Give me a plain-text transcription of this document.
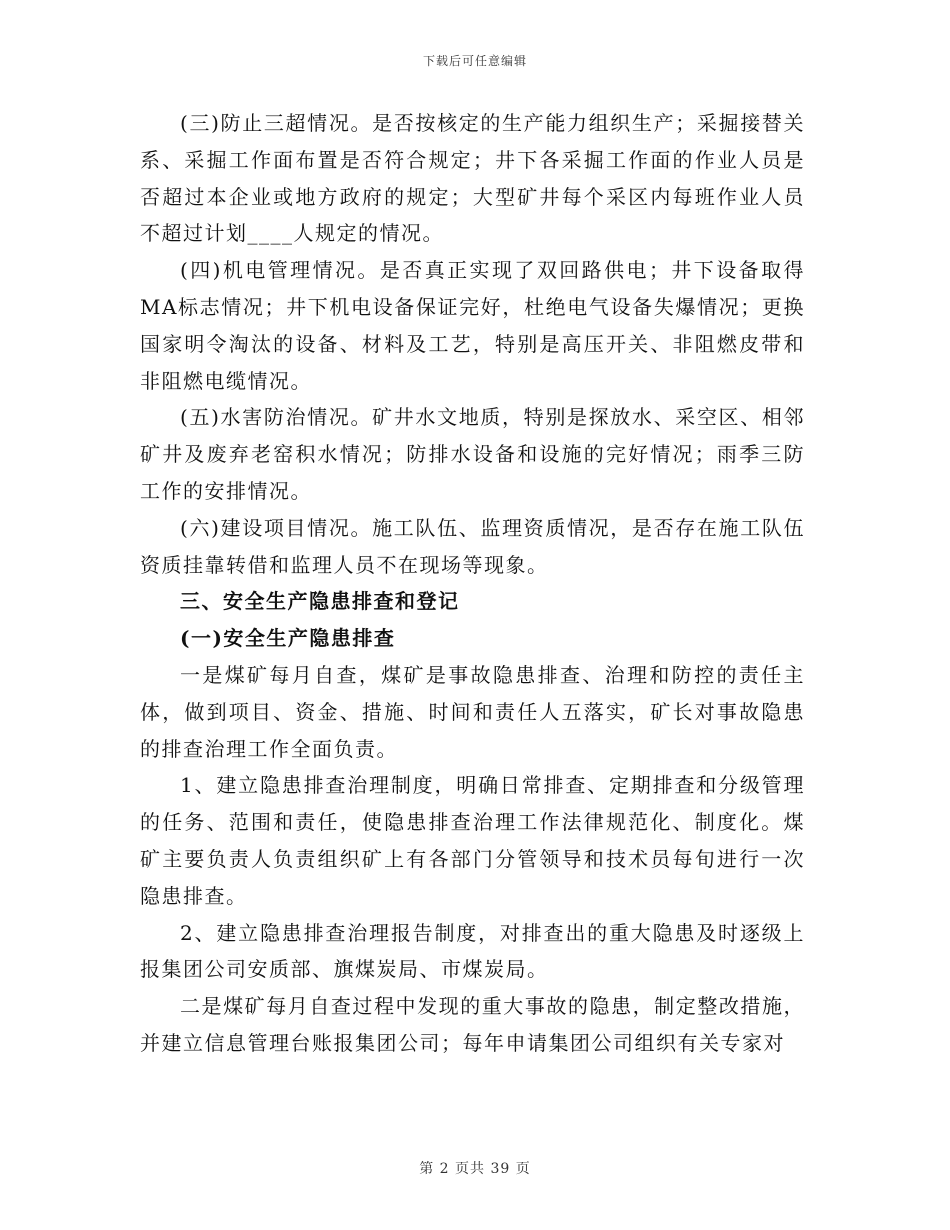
下载后可任意编辑

(三)防止三超情况。是否按核定的生产能力组织生产；采掘接替关系、采掘工作面布置是否符合规定；井下各采掘工作面的作业人员是否超过本企业或地方政府的规定；大型矿井每个采区内每班作业人员不超过计划____人规定的情况。

(四)机电管理情况。是否真正实现了双回路供电；井下设备取得MA标志情况；井下机电设备保证完好，杜绝电气设备失爆情况；更换国家明令淘汰的设备、材料及工艺，特别是高压开关、非阻燃皮带和非阻燃电缆情况。

(五)水害防治情况。矿井水文地质，特别是探放水、采空区、相邻矿井及废弃老窑积水情况；防排水设备和设施的完好情况；雨季三防工作的安排情况。

(六)建设项目情况。施工队伍、监理资质情况，是否存在施工队伍资质挂靠转借和监理人员不在现场等现象。

三、安全生产隐患排查和登记

(一)安全生产隐患排查

一是煤矿每月自查，煤矿是事故隐患排查、治理和防控的责任主体，做到项目、资金、措施、时间和责任人五落实，矿长对事故隐患的排查治理工作全面负责。

1、建立隐患排查治理制度，明确日常排查、定期排查和分级管理的任务、范围和责任，使隐患排查治理工作法律规范化、制度化。煤矿主要负责人负责组织矿上有各部门分管领导和技术员每旬进行一次隐患排查。

2、建立隐患排查治理报告制度，对排查出的重大隐患及时逐级上报集团公司安质部、旗煤炭局、市煤炭局。

二是煤矿每月自查过程中发现的重大事故的隐患，制定整改措施，并建立信息管理台账报集团公司；每年申请集团公司组织有关专家对

第 2 页共 39 页
